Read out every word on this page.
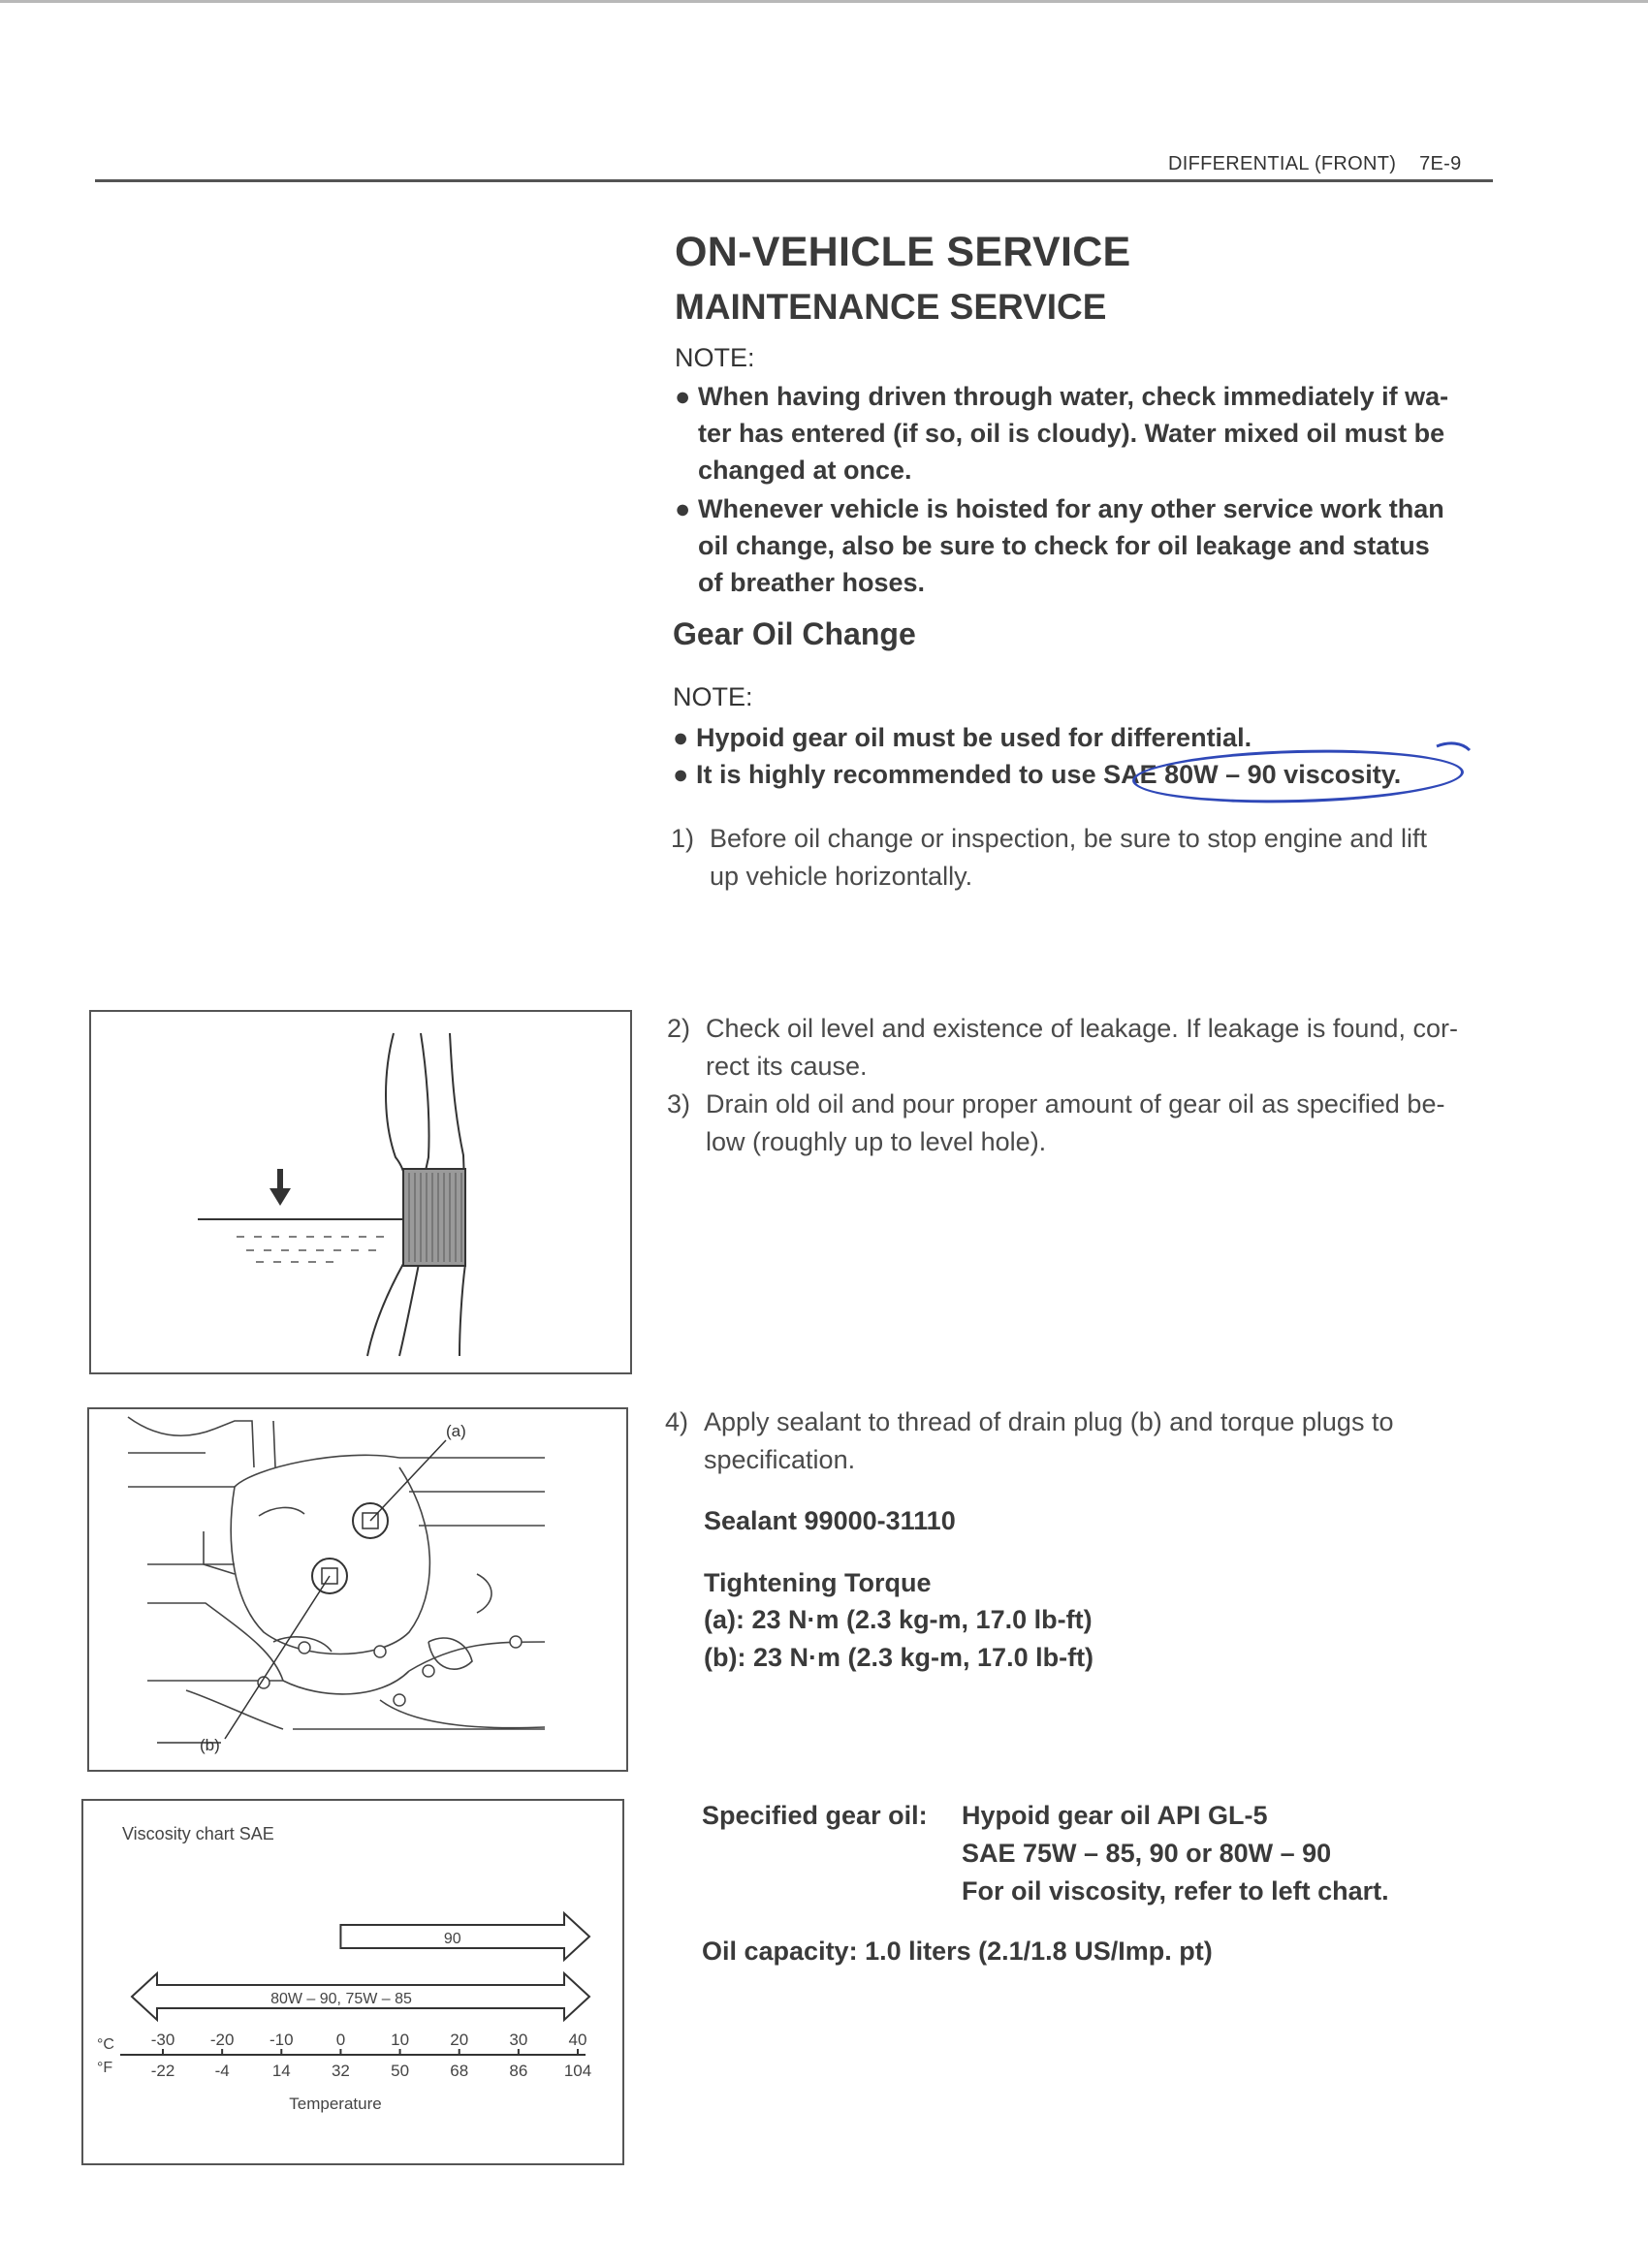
DIFFERENTIAL (FRONT) 7E-9
ON-VEHICLE SERVICE
MAINTENANCE SERVICE
NOTE:
● When having driven through water, check immediately if wa-
ter has entered (if so, oil is cloudy). Water mixed oil must be
changed at once.
● Whenever vehicle is hoisted for any other service work than
oil change, also be sure to check for oil leakage and status
of breather hoses.
Gear Oil Change
NOTE:
● Hypoid gear oil must be used for differential.
● It is highly recommended to use SAE 80W – 90 viscosity.
1) Before oil change or inspection, be sure to stop engine and lift
up vehicle horizontally.
2) Check oil level and existence of leakage. If leakage is found, cor-
rect its cause.
3) Drain old oil and pour proper amount of gear oil as specified be-
low (roughly up to level hole).
(a)
(b)
4) Apply sealant to thread of drain plug (b) and torque plugs to
specification.
Sealant 99000-31110
Tightening Torque
(a): 23 N·m (2.3 kg-m, 17.0 lb-ft)
(b): 23 N·m (2.3 kg-m, 17.0 lb-ft)
Viscosity chart SAE
°C
°F
Temperature
90
80W – 90, 75W – 85
-30
-22
-20
-4
-10
14
0
32
10
50
20
68
30
86
40
104
Specified gear oil: Hypoid gear oil API GL-5
SAE 75W – 85, 90 or 80W – 90
For oil viscosity, refer to left chart.
Oil capacity: 1.0 liters (2.1/1.8 US/Imp. pt)
